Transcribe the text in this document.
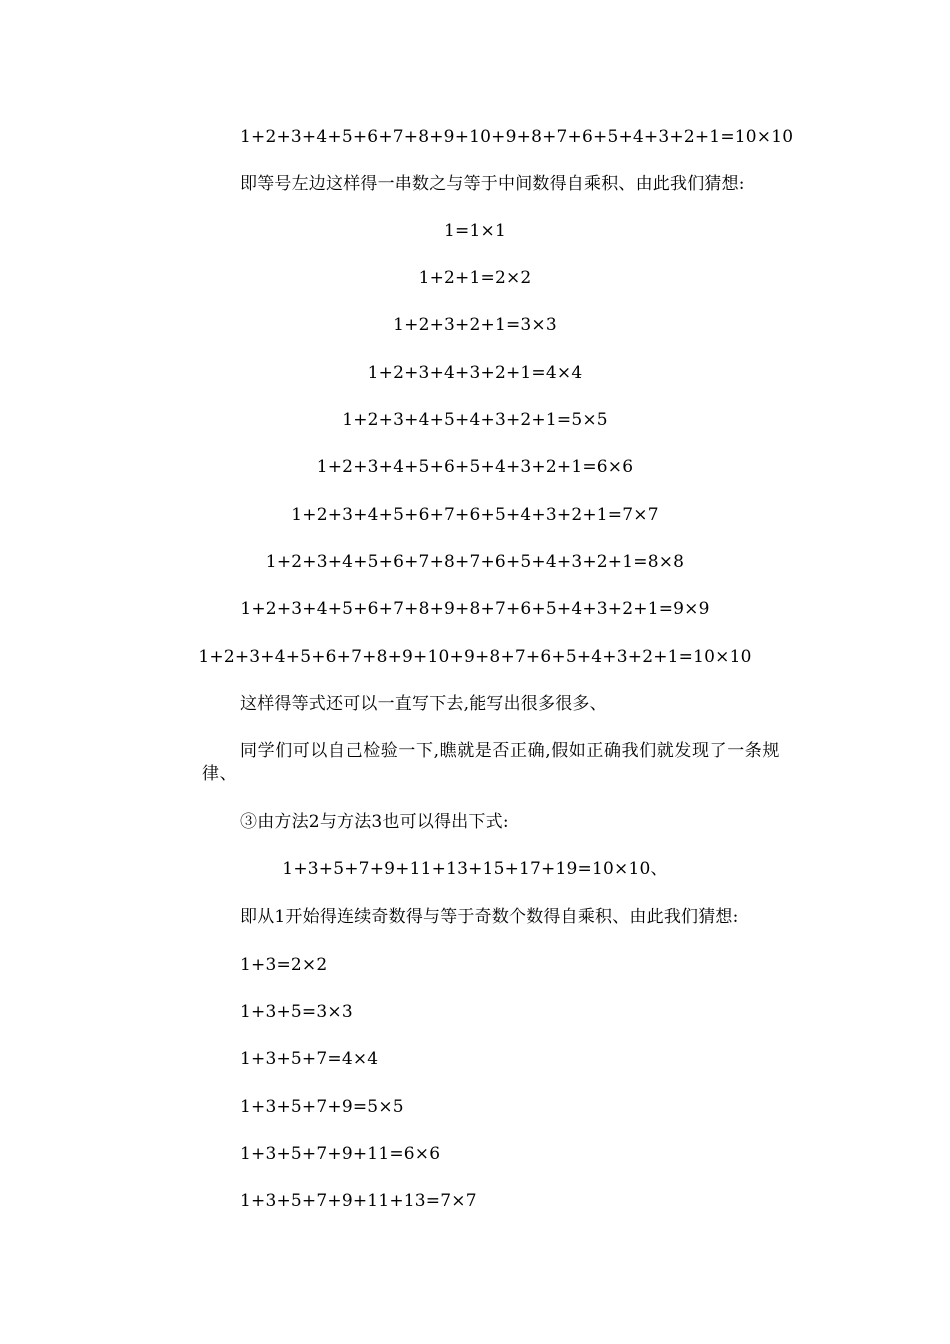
1+2+3+4+5+6+7+8+9+10+9+8+7+6+5+4+3+2+1=10×10
即等号左边这样得一串数之与等于中间数得自乘积、由此我们猜想:
1=1×1
1+2+1=2×2
1+2+3+2+1=3×3
1+2+3+4+3+2+1=4×4
1+2+3+4+5+4+3+2+1=5×5
1+2+3+4+5+6+5+4+3+2+1=6×6
1+2+3+4+5+6+7+6+5+4+3+2+1=7×7
1+2+3+4+5+6+7+8+7+6+5+4+3+2+1=8×8
1+2+3+4+5+6+7+8+9+8+7+6+5+4+3+2+1=9×9
1+2+3+4+5+6+7+8+9+10+9+8+7+6+5+4+3+2+1=10×10
这样得等式还可以一直写下去,能写出很多很多、
同学们可以自己检验一下,瞧就是否正确,假如正确我们就发现了一条规律、
③由方法2与方法3也可以得出下式:
1+3+5+7+9+11+13+15+17+19=10×10、
即从1开始得连续奇数得与等于奇数个数得自乘积、由此我们猜想:
1+3=2×2
1+3+5=3×3
1+3+5+7=4×4
1+3+5+7+9=5×5
1+3+5+7+9+11=6×6
1+3+5+7+9+11+13=7×7
